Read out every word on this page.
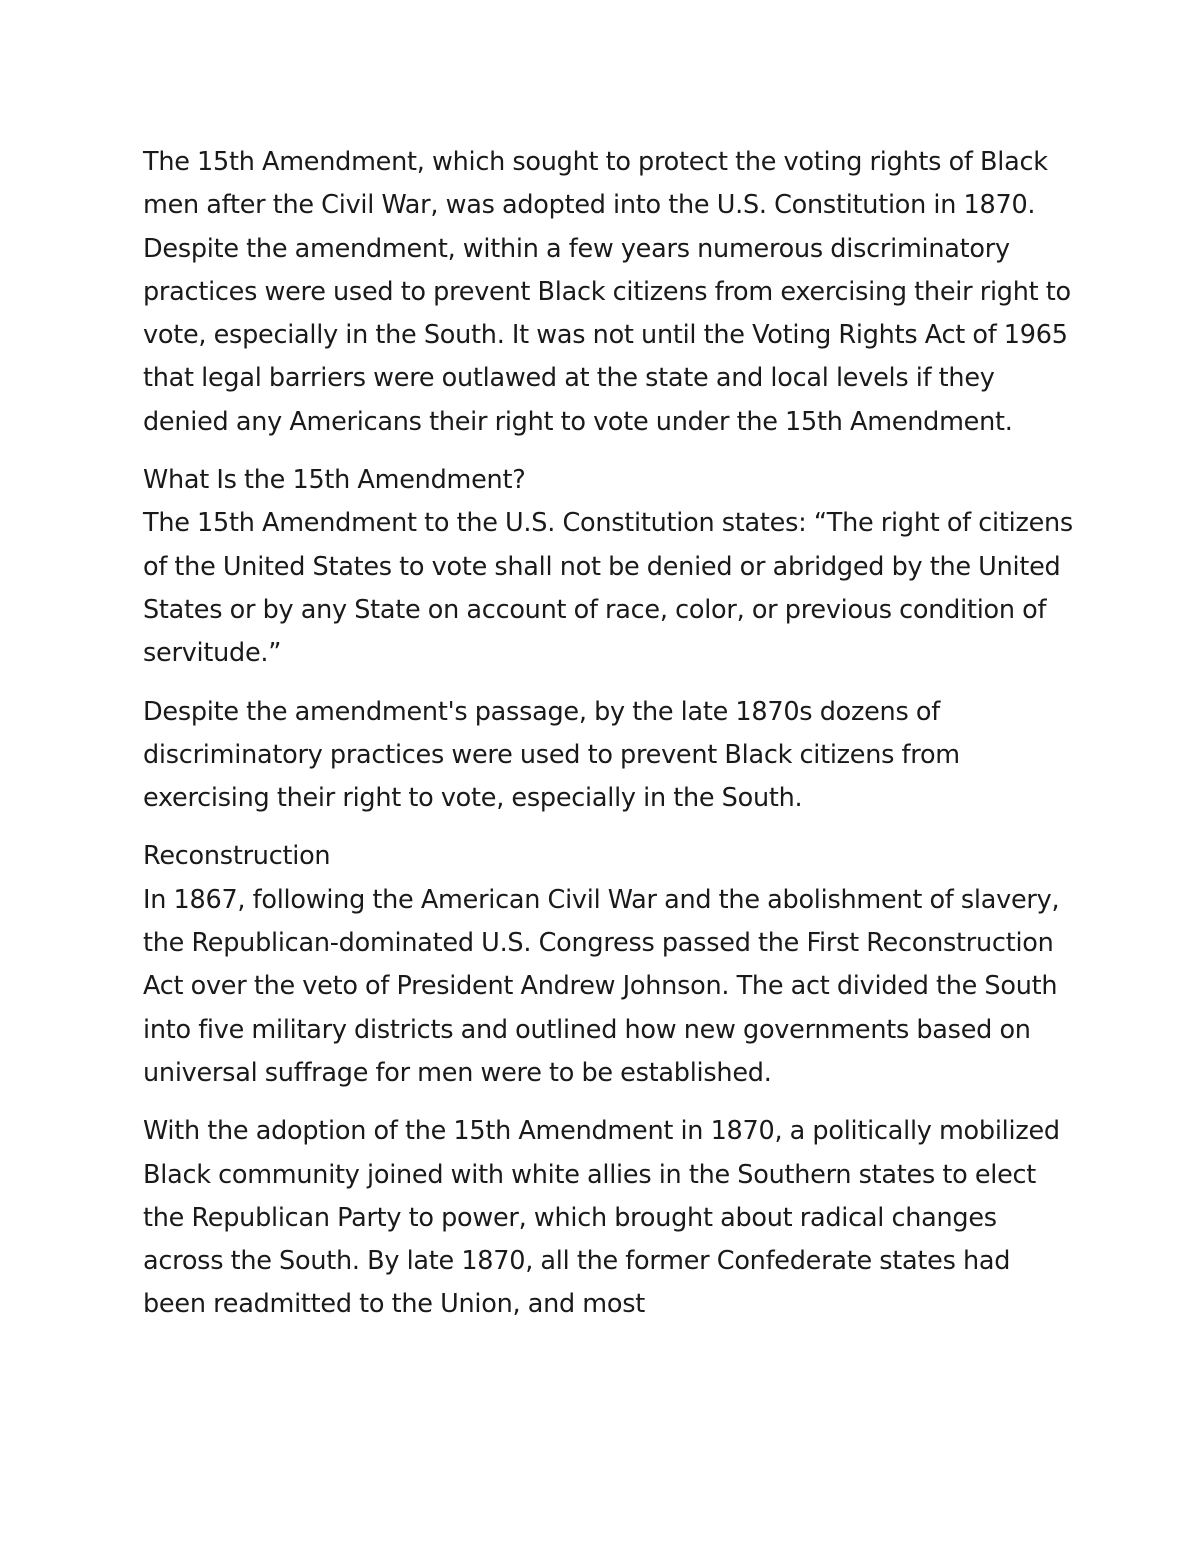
The 15th Amendment, which sought to protect the voting rights of Black men after the Civil War, was adopted into the U.S. Constitution in 1870. Despite the amendment, within a few years numerous discriminatory practices were used to prevent Black citizens from exercising their right to vote, especially in the South. It was not until the Voting Rights Act of 1965 that legal barriers were outlawed at the state and local levels if they denied any Americans their right to vote under the 15th Amendment.

What Is the 15th Amendment?

The 15th Amendment to the U.S. Constitution states: “The right of citizens of the United States to vote shall not be denied or abridged by the United States or by any State on account of race, color, or previous condition of servitude.”

Despite the amendment's passage, by the late 1870s dozens of discriminatory practices were used to prevent Black citizens from exercising their right to vote, especially in the South.

Reconstruction

In 1867, following the American Civil War and the abolishment of slavery, the Republican-dominated U.S. Congress passed the First Reconstruction Act over the veto of President Andrew Johnson. The act divided the South into five military districts and outlined how new governments based on universal suffrage for men were to be established.

With the adoption of the 15th Amendment in 1870, a politically mobilized Black community joined with white allies in the Southern states to elect the Republican Party to power, which brought about radical changes across the South. By late 1870, all the former Confederate states had been readmitted to the Union, and most
